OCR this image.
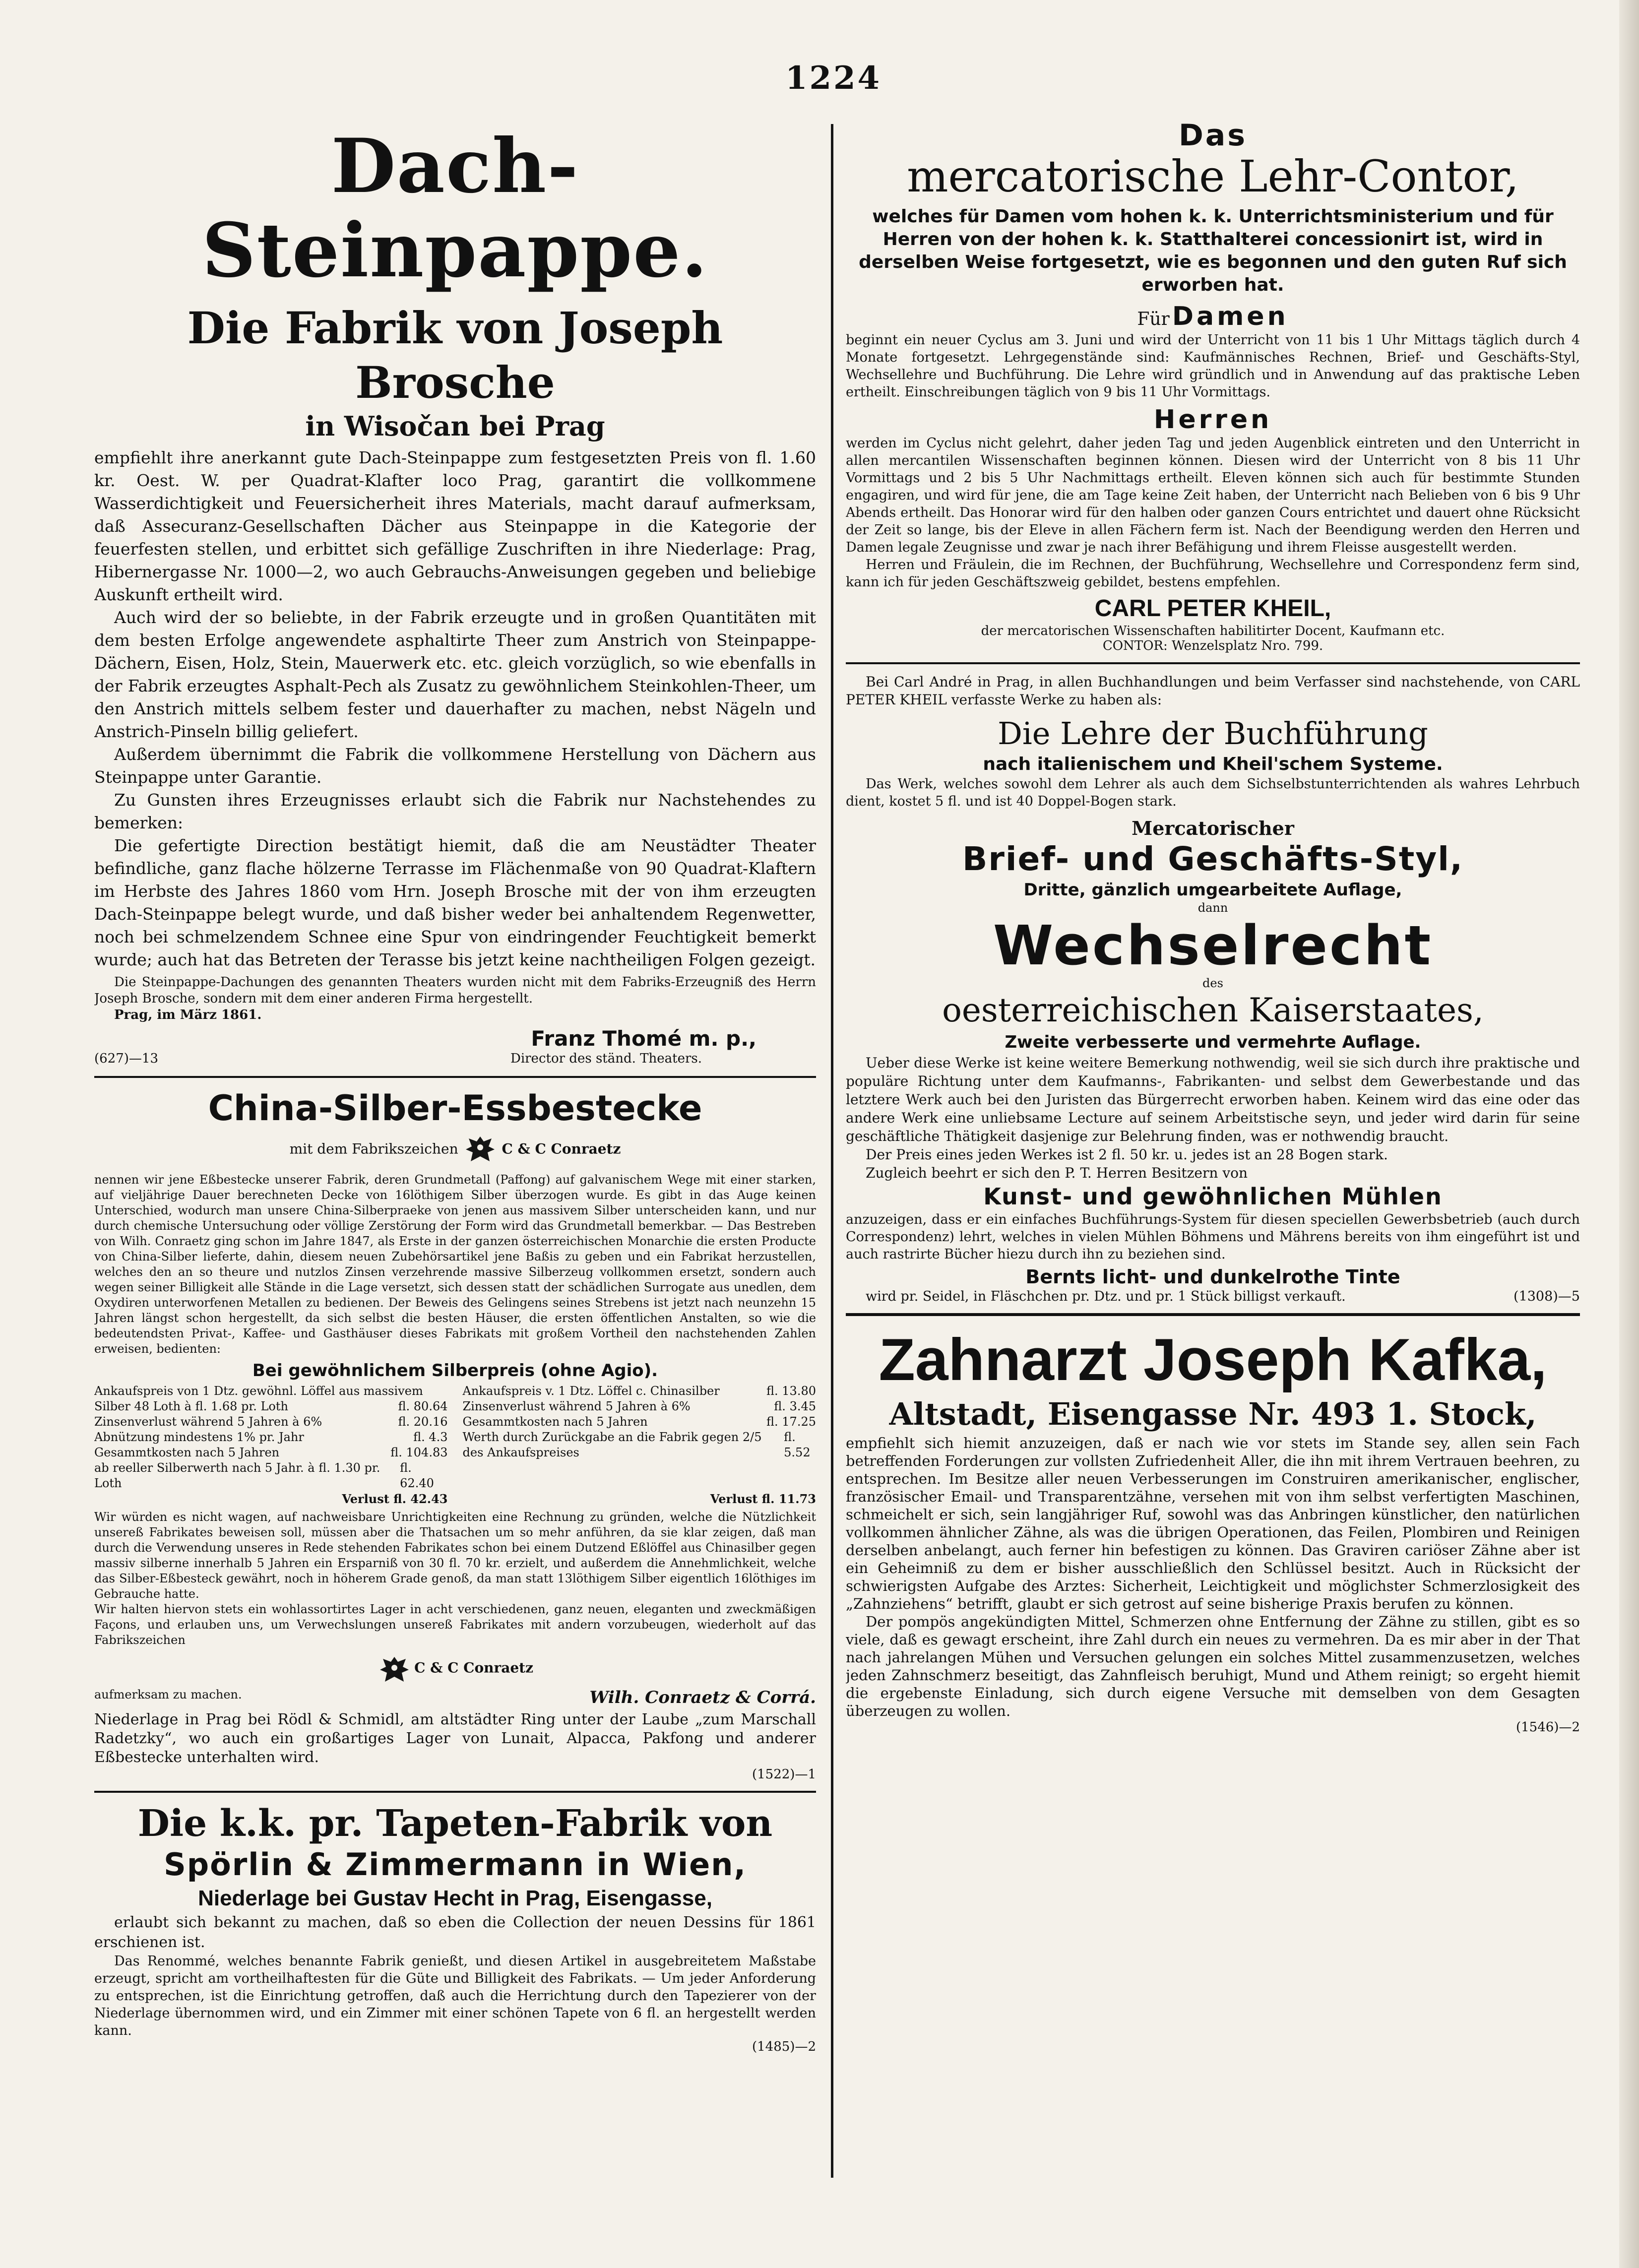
1224
Dach-Steinpappe.
Die Fabrik von Joseph Brosche
in Wisočan bei Prag

empfiehlt ihre anerkannt gute Dach-Steinpappe zum festgesetzten Preis von fl. 1.60 kr. Oest. W. per Quadrat-Klafter loco Prag, garantirt die vollkommene Wasserdichtigkeit und Feuersicherheit ihres Materials, macht darauf aufmerksam, daß Assecuranz-Gesellschaften Dächer aus Steinpappe in die Kategorie der feuerfesten stellen, und erbittet sich gefällige Zuschriften in ihre Niederlage: Prag, Hibernergasse Nr. 1000—2, wo auch Gebrauchs-Anweisungen gegeben und beliebige Auskunft ertheilt wird.

Auch wird der so beliebte, in der Fabrik erzeugte und in großen Quantitäten mit dem besten Erfolge angewendete asphaltirte Theer zum Anstrich von Steinpappe-Dächern, Eisen, Holz, Stein, Mauerwerk etc. etc. gleich vorzüglich, so wie ebenfalls in der Fabrik erzeugtes Asphalt-Pech als Zusatz zu gewöhnlichem Steinkohlen-Theer, um den Anstrich mittels selbem fester und dauerhafter zu machen, nebst Nägeln und Anstrich-Pinseln billig geliefert.

Außerdem übernimmt die Fabrik die vollkommene Herstellung von Dächern aus Steinpappe unter Garantie.

Zu Gunsten ihres Erzeugnisses erlaubt sich die Fabrik nur Nachstehendes zu bemerken:

Die gefertigte Direction bestätigt hiemit, daß die am Neustädter Theater befindliche, ganz flache hölzerne Terrasse im Flächenmaße von 90 Quadrat-Klaftern im Herbste des Jahres 1860 vom Hrn. Joseph Brosche mit der von ihm erzeugten Dach-Steinpappe belegt wurde, und daß bisher weder bei anhaltendem Regenwetter, noch bei schmelzendem Schnee eine Spur von eindringender Feuchtigkeit bemerkt wurde; auch hat das Betreten der Terasse bis jetzt keine nachtheiligen Folgen gezeigt.

Die Steinpappe-Dachungen des genannten Theaters wurden nicht mit dem Fabriks-Erzeugniß des Herrn Joseph Brosche, sondern mit dem einer anderen Firma hergestellt.

Prag, im März 1861.
Franz Thomé m. p.,
(627)—13	Director des ständ. Theaters.
China-Silber-Essbestecke
mit dem Fabrikszeichen	C & C Conraetz

nennen wir jene Eßbestecke unserer Fabrik, deren Grundmetall (Paffong) auf galvanischem Wege mit einer starken, auf vieljährige Dauer berechneten Decke von 16löthigem Silber überzogen wurde. Es gibt in das Auge keinen Unterschied, wodurch man unsere China-Silberpraeke von jenen aus massivem Silber unterscheiden kann, und nur durch chemische Untersuchung oder völlige Zerstörung der Form wird das Grundmetall bemerkbar. — Das Bestreben von Wilh. Conraetz ging schon im Jahre 1847, als Erste in der ganzen österreichischen Monarchie die ersten Producte von China-Silber lieferte, dahin, diesem neuen Zubehörsartikel jene Baßis zu geben und ein Fabrikat herzustellen, welches den an so theure und nutzlos Zinsen verzehrende massive Silberzeug vollkommen ersetzt, sondern auch wegen seiner Billigkeit alle Stände in die Lage versetzt, sich dessen statt der schädlichen Surrogate aus unedlen, dem Oxydiren unterworfenen Metallen zu bedienen. Der Beweis des Gelingens seines Strebens ist jetzt nach neunzehn 15 Jahren längst schon hergestellt, da sich selbst die besten Häuser, die ersten öffentlichen Anstalten, so wie die bedeutendsten Privat-, Kaffee- und Gasthäuser dieses Fabrikats mit großem Vortheil den nachstehenden Zahlen erweisen, bedienten:

Bei gewöhnlichem Silberpreis (ohne Agio).
Ankaufspreis von 1 Dtz. gewöhnl. Löffel aus massivem
Silber 48 Loth à fl. 1.68 pr. Loth	fl. 80.64
Zinsenverlust während 5 Jahren à 6%	fl. 20.16
Abnützung mindestens 1% pr. Jahr	fl. 4.3
Gesammtkosten nach 5 Jahren	fl. 104.83
ab reeller Silberwerth nach 5 Jahr. à fl. 1.30 pr. Loth
fl. 62.40
Verlust fl. 42.43
Ankaufspreis v. 1 Dtz. Löffel c. Chinasilber	fl. 13.80
Zinsenverlust während 5 Jahren à 6%	fl. 3.45
Gesammtkosten nach 5 Jahren	fl. 17.25
Werth durch Zurückgabe an die Fabrik gegen 2/5 des Ankaufspreises
fl. 5.52
Verlust fl. 11.73

Wir würden es nicht wagen, auf nachweisbare Unrichtigkeiten eine Rechnung zu gründen, welche die Nützlichkeit unsereß Fabrikates beweisen soll, müssen aber die Thatsachen um so mehr anführen, da sie klar zeigen, daß man durch die Verwendung unseres in Rede stehenden Fabrikates schon bei einem Dutzend Eßlöffel aus Chinasilber gegen massiv silberne innerhalb 5 Jahren ein Ersparniß von 30 fl. 70 kr. erzielt, und außerdem die Annehmlichkeit, welche das Silber-Eßbesteck gewährt, noch in höherem Grade genoß, da man statt 13löthigem Silber eigentlich 16löthiges im Gebrauche hatte.

Wir halten hiervon stets ein wohlassortirtes Lager in acht verschiedenen, ganz neuen, eleganten und zweckmäßigen Façons, und erlauben uns, um Verwechslungen unsereß Fabrikates mit andern vorzubeugen, wiederholt auf das Fabrikszeichen

C & C Conraetz
aufmerksam zu machen.	Wilh. Conraetz & Corrá.

Niederlage in Prag bei Rödl & Schmidl, am altstädter Ring unter der Laube „zum Marschall Radetzky“, wo auch ein großartiges Lager von Lunait, Alpacca, Pakfong und anderer Eßbestecke unterhalten wird.

(1522)—1
Die k.k. pr. Tapeten-Fabrik von
Spörlin & Zimmermann in Wien,
Niederlage bei Gustav Hecht in Prag, Eisengasse,

erlaubt sich bekannt zu machen, daß so eben die Collection der neuen Dessins für 1861 erschienen ist.

Das Renommé, welches benannte Fabrik genießt, und diesen Artikel in ausgebreitetem Maßstabe erzeugt, spricht am vortheilhaftesten für die Güte und Billigkeit des Fabrikats. — Um jeder Anforderung zu entsprechen, ist die Einrichtung getroffen, daß auch die Herrichtung durch den Tapezierer von der Niederlage übernommen wird, und ein Zimmer mit einer schönen Tapete von 6 fl. an hergestellt werden kann.

(1485)—2
Das
mercatorische Lehr-Contor,

welches für Damen vom hohen k. k. Unterrichtsministerium und für Herren von der hohen k. k. Statthalterei concessionirt ist, wird in derselben Weise fortgesetzt, wie es begonnen und den guten Ruf sich erworben hat.

Für Damen

beginnt ein neuer Cyclus am 3. Juni und wird der Unterricht von 11 bis 1 Uhr Mittags täglich durch 4 Monate fortgesetzt. Lehrgegenstände sind: Kaufmännisches Rechnen, Brief- und Geschäfts-Styl, Wechsellehre und Buchführung. Die Lehre wird gründlich und in Anwendung auf das praktische Leben ertheilt. Einschreibungen täglich von 9 bis 11 Uhr Vormittags.

Herren

werden im Cyclus nicht gelehrt, daher jeden Tag und jeden Augenblick eintreten und den Unterricht in allen mercantilen Wissenschaften beginnen können. Diesen wird der Unterricht von 8 bis 11 Uhr Vormittags und 2 bis 5 Uhr Nachmittags ertheilt. Eleven können sich auch für bestimmte Stunden engagiren, und wird für jene, die am Tage keine Zeit haben, der Unterricht nach Belieben von 6 bis 9 Uhr Abends ertheilt. Das Honorar wird für den halben oder ganzen Cours entrichtet und dauert ohne Rücksicht der Zeit so lange, bis der Eleve in allen Fächern ferm ist. Nach der Beendigung werden den Herren und Damen legale Zeugnisse und zwar je nach ihrer Befähigung und ihrem Fleisse ausgestellt werden.

Herren und Fräulein, die im Rechnen, der Buchführung, Wechsellehre und Correspondenz ferm sind, kann ich für jeden Geschäftszweig gebildet, bestens empfehlen.

CARL PETER KHEIL,
der mercatorischen Wissenschaften habilitirter Docent, Kaufmann etc.
CONTOR: Wenzelsplatz Nro. 799.

Bei Carl André in Prag, in allen Buchhandlungen und beim Verfasser sind nachstehende, von CARL PETER KHEIL verfasste Werke zu haben als:

Die Lehre der Buchführung
nach italienischem und Kheil'schem Systeme.

Das Werk, welches sowohl dem Lehrer als auch dem Sichselbstunterrichtenden als wahres Lehrbuch dient, kostet 5 fl. und ist 40 Doppel-Bogen stark.

Mercatorischer
Brief- und Geschäfts-Styl,
Dritte, gänzlich umgearbeitete Auflage,
dann
Wechselrecht
des
oesterreichischen Kaiserstaates,
Zweite verbesserte und vermehrte Auflage.

Ueber diese Werke ist keine weitere Bemerkung nothwendig, weil sie sich durch ihre praktische und populäre Richtung unter dem Kaufmanns-, Fabrikanten- und selbst dem Gewerbestande und das letztere Werk auch bei den Juristen das Bürgerrecht erworben haben. Keinem wird das eine oder das andere Werk eine unliebsame Lecture auf seinem Arbeitstische seyn, und jeder wird darin für seine geschäftliche Thätigkeit dasjenige zur Belehrung finden, was er nothwendig braucht.

Der Preis eines jeden Werkes ist 2 fl. 50 kr. u. jedes ist an 28 Bogen stark.

Zugleich beehrt er sich den P. T. Herren Besitzern von

Kunst- und gewöhnlichen Mühlen

anzuzeigen, dass er ein einfaches Buchführungs-System für diesen speciellen Gewerbsbetrieb (auch durch Correspondenz) lehrt, welches in vielen Mühlen Böhmens und Mährens bereits von ihm eingeführt ist und auch rastrirte Bücher hiezu durch ihn zu beziehen sind.

Bernts licht- und dunkelrothe Tinte
wird pr. Seidel, in Fläschchen pr. Dtz. und pr. 1 Stück billigst verkauft.	(1308)—5
Zahnarzt Joseph Kafka,
Altstadt, Eisengasse Nr. 493 1. Stock,

empfiehlt sich hiemit anzuzeigen, daß er nach wie vor stets im Stande sey, allen sein Fach betreffenden Forderungen zur vollsten Zufriedenheit Aller, die ihn mit ihrem Vertrauen beehren, zu entsprechen. Im Besitze aller neuen Verbesserungen im Construiren amerikanischer, englischer, französischer Email- und Transparentzähne, versehen mit von ihm selbst verfertigten Maschinen, schmeichelt er sich, sein langjähriger Ruf, sowohl was das Anbringen künstlicher, den natürlichen vollkommen ähnlicher Zähne, als was die übrigen Operationen, das Feilen, Plombiren und Reinigen derselben anbelangt, auch ferner hin befestigen zu können. Das Graviren cariöser Zähne aber ist ein Geheimniß zu dem er bisher ausschließlich den Schlüssel besitzt. Auch in Rücksicht der schwierigsten Aufgabe des Arztes: Sicherheit, Leichtigkeit und möglichster Schmerzlosigkeit des „Zahnziehens“ betrifft, glaubt er sich getrost auf seine bisherige Praxis berufen zu können.

Der pompös angekündigten Mittel, Schmerzen ohne Entfernung der Zähne zu stillen, gibt es so viele, daß es gewagt erscheint, ihre Zahl durch ein neues zu vermehren. Da es mir aber in der That nach jahrelangen Mühen und Versuchen gelungen ein solches Mittel zusammenzusetzen, welches jeden Zahnschmerz beseitigt, das Zahnfleisch beruhigt, Mund und Athem reinigt; so ergeht hiemit die ergebenste Einladung, sich durch eigene Versuche mit demselben von dem Gesagten überzeugen zu wollen.

(1546)—2
